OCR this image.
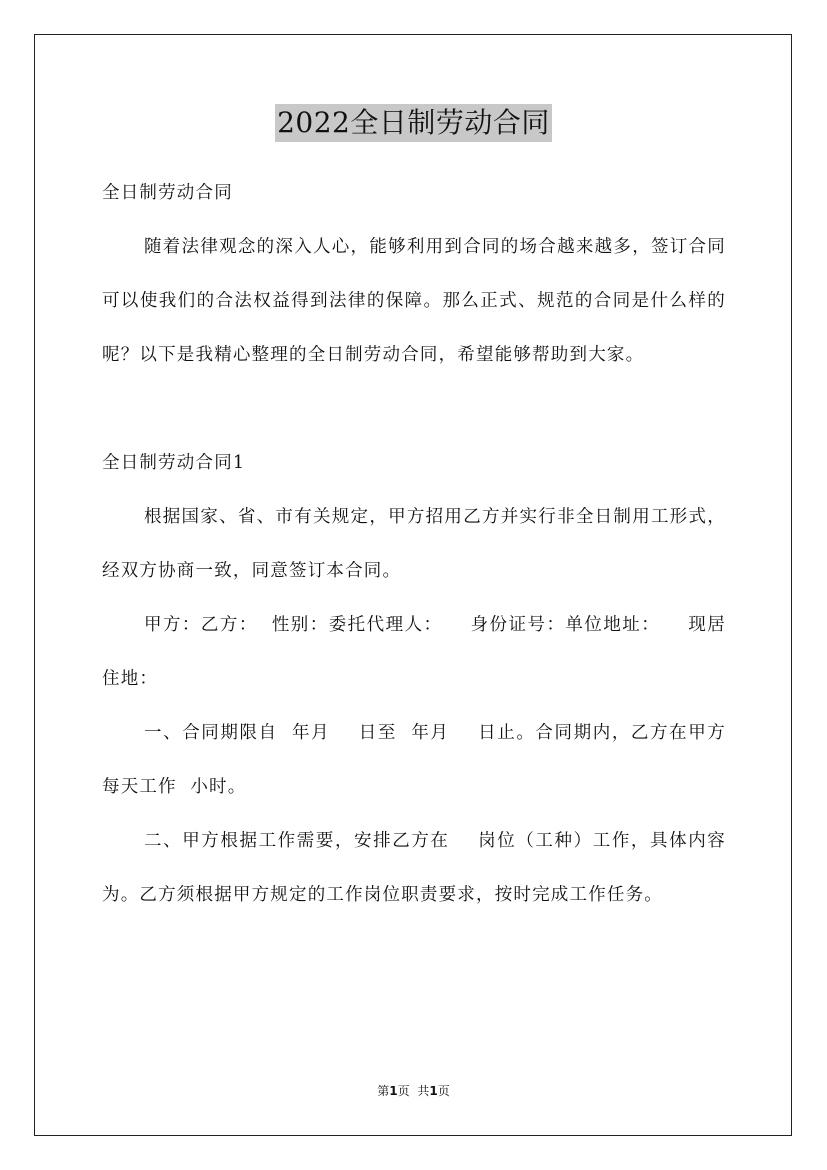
2022全日制劳动合同

全日制劳动合同

随着法律观念的深入人心，能够利用到合同的场合越来越多，签订合同可以使我们的合法权益得到法律的保障。那么正式、规范的合同是什么样的呢？以下是我精心整理的全日制劳动合同，希望能够帮助到大家。

全日制劳动合同1

根据国家、省、市有关规定，甲方招用乙方并实行非全日制用工形式，经双方协商一致，同意签订本合同。

甲方：乙方：  性别：委托代理人：    身份证号：单位地址：    现居住地：

一、合同期限自  年月    日至  年月    日止。合同期内，乙方在甲方每天工作  小时。

二、甲方根据工作需要，安排乙方在    岗位（工种）工作，具体内容为。乙方须根据甲方规定的工作岗位职责要求，按时完成工作任务。

第1页 共1页
